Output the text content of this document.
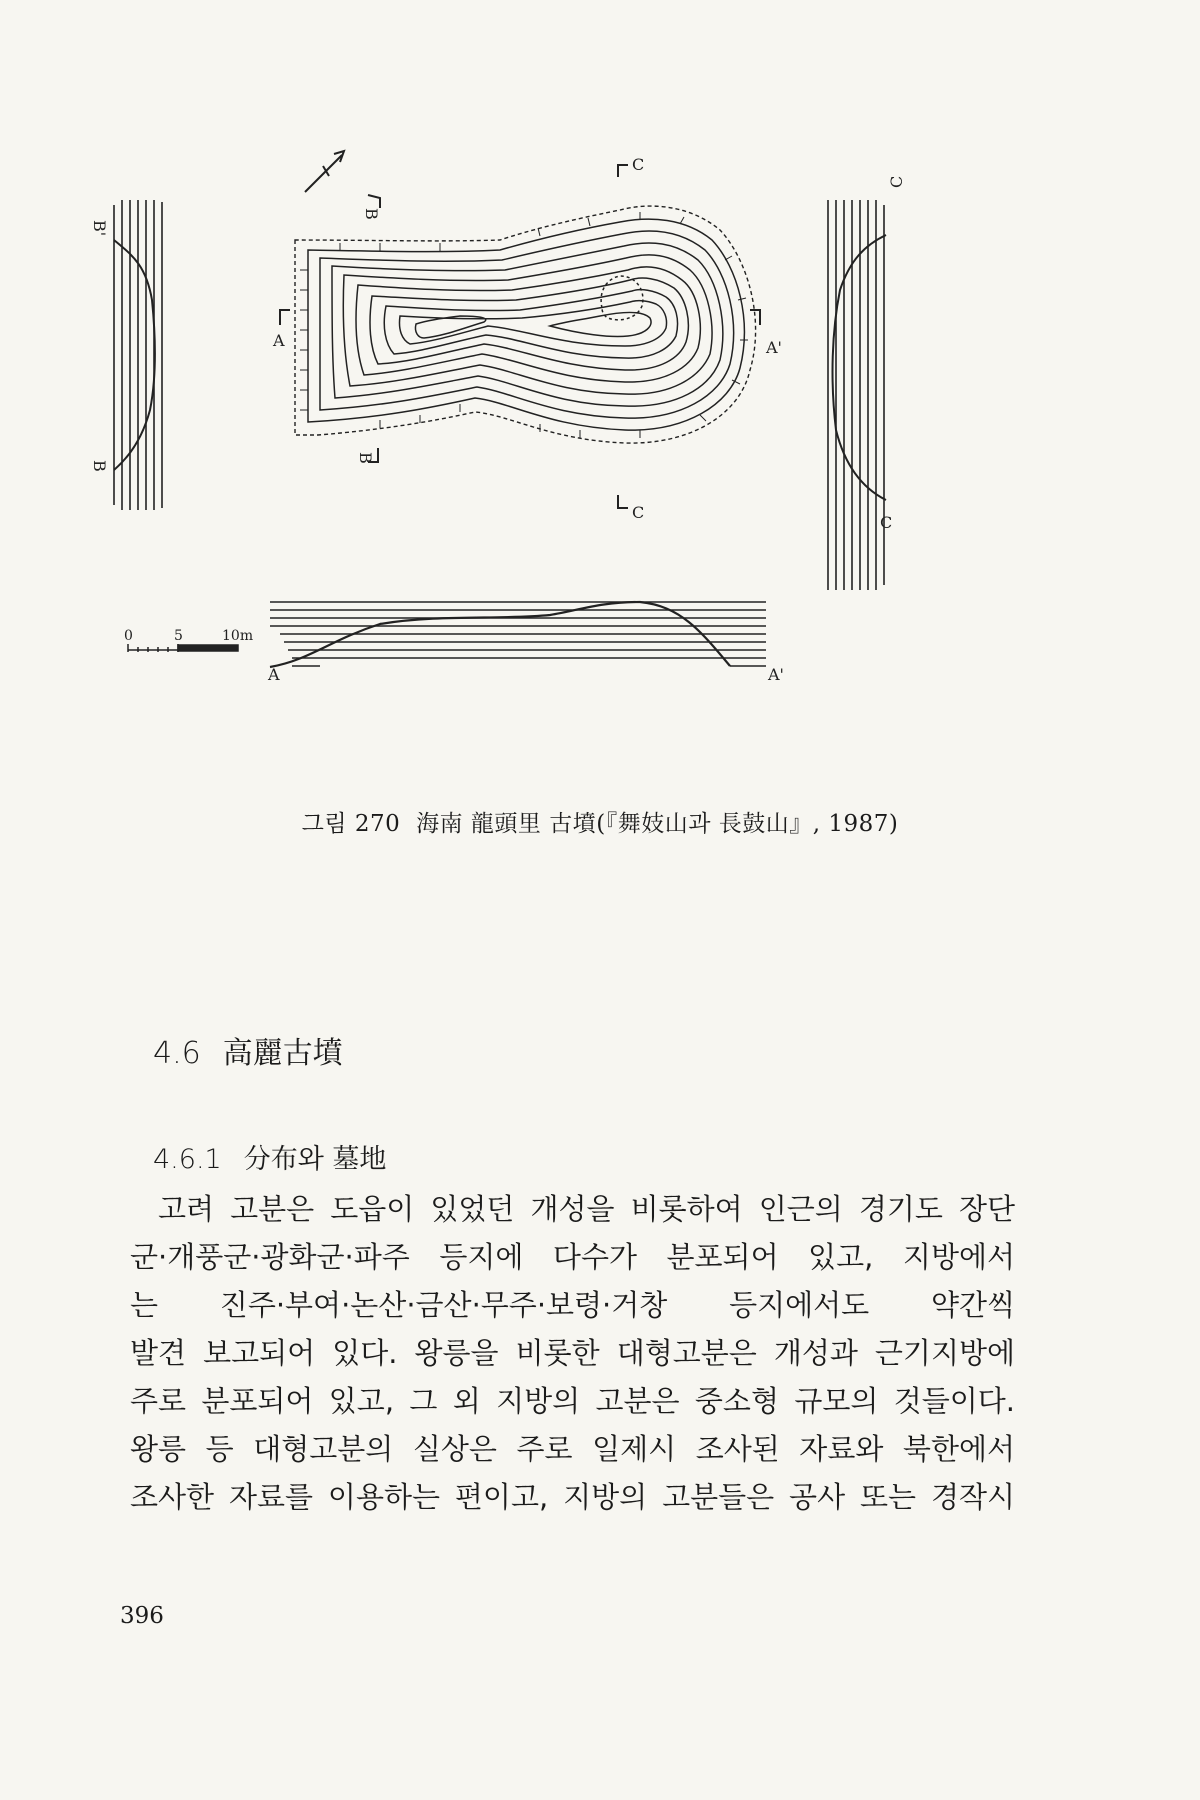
B'
B
C
C
A	A'
B
B
C
C
A	A'
0	5	10m
그림 270 海南 龍頭里 古墳(『舞妓山과 長鼓山』, 1987)
4.6 高麗古墳
4.6.1 分布와 墓地
고려 고분은 도읍이 있었던 개성을 비롯하여 인근의 경기도 장단
군·개풍군·광화군·파주 등지에 다수가 분포되어 있고, 지방에서
는 진주·부여·논산·금산·무주·보령·거창 등지에서도 약간씩
발견 보고되어 있다. 왕릉을 비롯한 대형고분은 개성과 근기지방에
주로 분포되어 있고, 그 외 지방의 고분은 중소형 규모의 것들이다.
왕릉 등 대형고분의 실상은 주로 일제시 조사된 자료와 북한에서
조사한 자료를 이용하는 편이고, 지방의 고분들은 공사 또는 경작시
396
